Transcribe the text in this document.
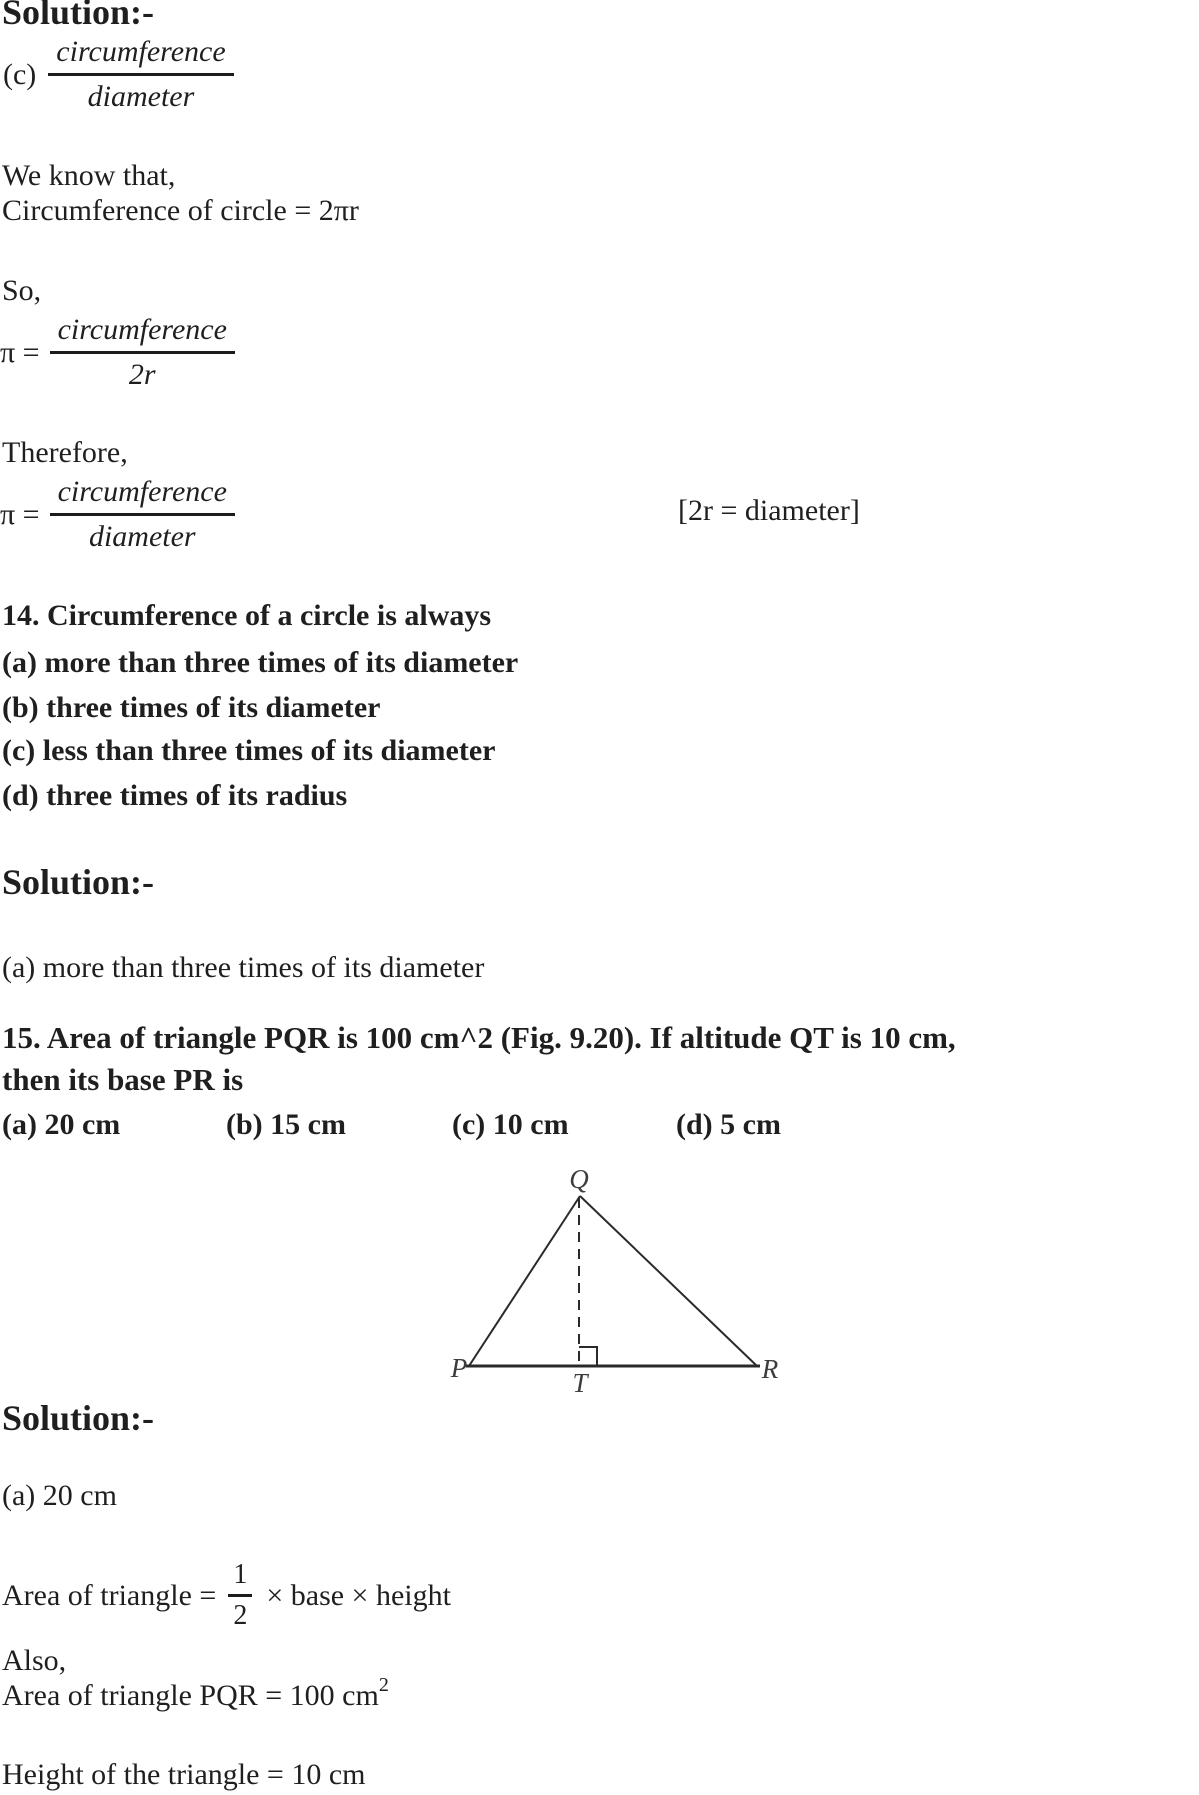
Solution:-
$(c) \frac{\text{circumference}}{\text{diameter}}$
We know that,
Circumference of circle = 2πr
So,
$\pi = \frac{\text{circumference}}{2r}$
Therefore,
$\pi = \frac{\text{circumference}}{\text{diameter}}$	[2r = diameter]
14. Circumference of a circle is always
(a) more than three times of its diameter
(b) three times of its diameter
(c) less than three times of its diameter
(d) three times of its radius
Solution:-
(a) more than three times of its diameter
15. Area of triangle PQR is 100 cm^2 (Fig. 9.20). If altitude QT is 10 cm,
then its base PR is
(a) 20 cm	(b) 15 cm	(c) 10 cm	(d) 5 cm
Q
P	R
T
Solution:-
(a) 20 cm
Area of triangle = $\frac{1}{2}$ × base × height
Also,
Area of triangle PQR = 100 $cm^2$
Height of the triangle = 10 cm
